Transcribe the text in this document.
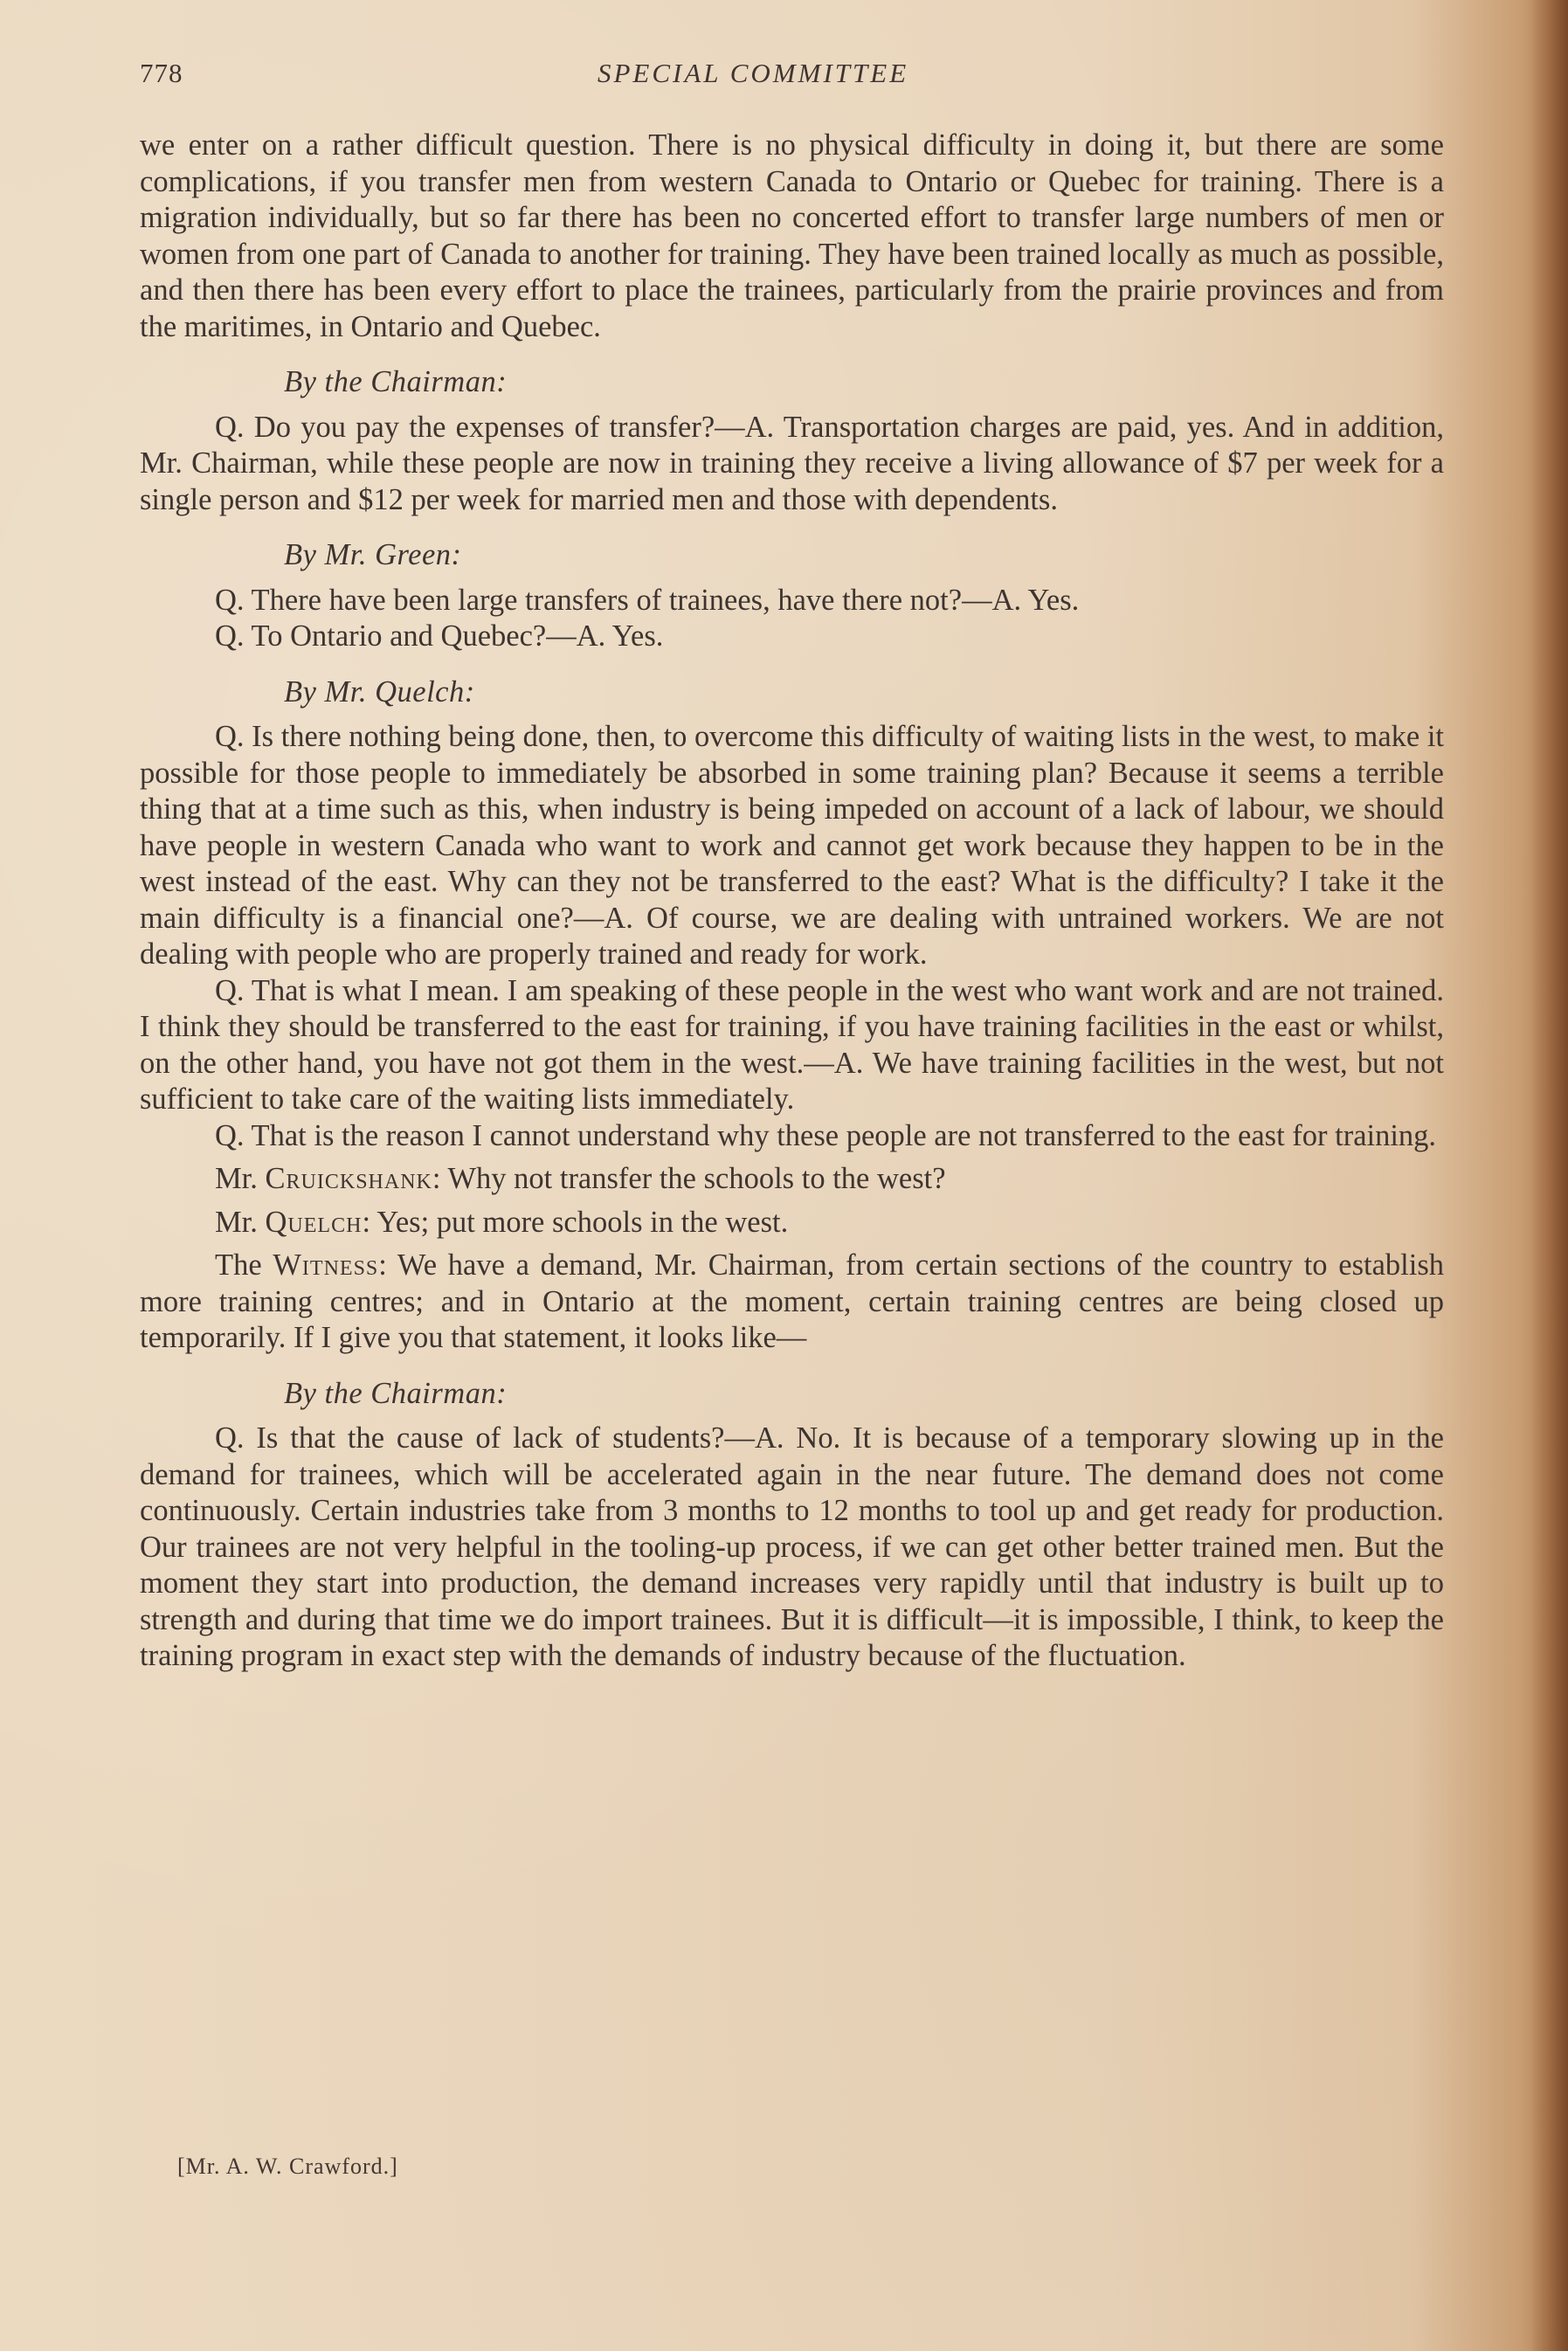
778	SPECIAL COMMITTEE

we enter on a rather difficult question. There is no physical difficulty in doing it, but there are some complications, if you transfer men from western Canada to Ontario or Quebec for training. There is a migration individually, but so far there has been no concerted effort to transfer large numbers of men or women from one part of Canada to another for training. They have been trained locally as much as possible, and then there has been every effort to place the trainees, particularly from the prairie provinces and from the maritimes, in Ontario and Quebec.

By the Chairman:

Q. Do you pay the expenses of transfer?—A. Transportation charges are paid, yes. And in addition, Mr. Chairman, while these people are now in training they receive a living allowance of $7 per week for a single person and $12 per week for married men and those with dependents.

By Mr. Green:

Q. There have been large transfers of trainees, have there not?—A. Yes.

Q. To Ontario and Quebec?—A. Yes.

By Mr. Quelch:

Q. Is there nothing being done, then, to overcome this difficulty of waiting lists in the west, to make it possible for those people to immediately be absorbed in some training plan? Because it seems a terrible thing that at a time such as this, when industry is being impeded on account of a lack of labour, we should have people in western Canada who want to work and cannot get work because they happen to be in the west instead of the east. Why can they not be transferred to the east? What is the difficulty? I take it the main difficulty is a financial one?—A. Of course, we are dealing with untrained workers. We are not dealing with people who are properly trained and ready for work.

Q. That is what I mean. I am speaking of these people in the west who want work and are not trained. I think they should be transferred to the east for training, if you have training facilities in the east or whilst, on the other hand, you have not got them in the west.—A. We have training facilities in the west, but not sufficient to take care of the waiting lists immediately.

Q. That is the reason I cannot understand why these people are not transferred to the east for training.

Mr. Cruickshank: Why not transfer the schools to the west?

Mr. Quelch: Yes; put more schools in the west.

The Witness: We have a demand, Mr. Chairman, from certain sections of the country to establish more training centres; and in Ontario at the moment, certain training centres are being closed up temporarily. If I give you that statement, it looks like—

By the Chairman:

Q. Is that the cause of lack of students?—A. No. It is because of a temporary slowing up in the demand for trainees, which will be accelerated again in the near future. The demand does not come continuously. Certain industries take from 3 months to 12 months to tool up and get ready for production. Our trainees are not very helpful in the tooling-up process, if we can get other better trained men. But the moment they start into production, the demand increases very rapidly until that industry is built up to strength and during that time we do import trainees. But it is difficult—it is impossible, I think, to keep the training program in exact step with the demands of industry because of the fluctuation.

[Mr. A. W. Crawford.]
